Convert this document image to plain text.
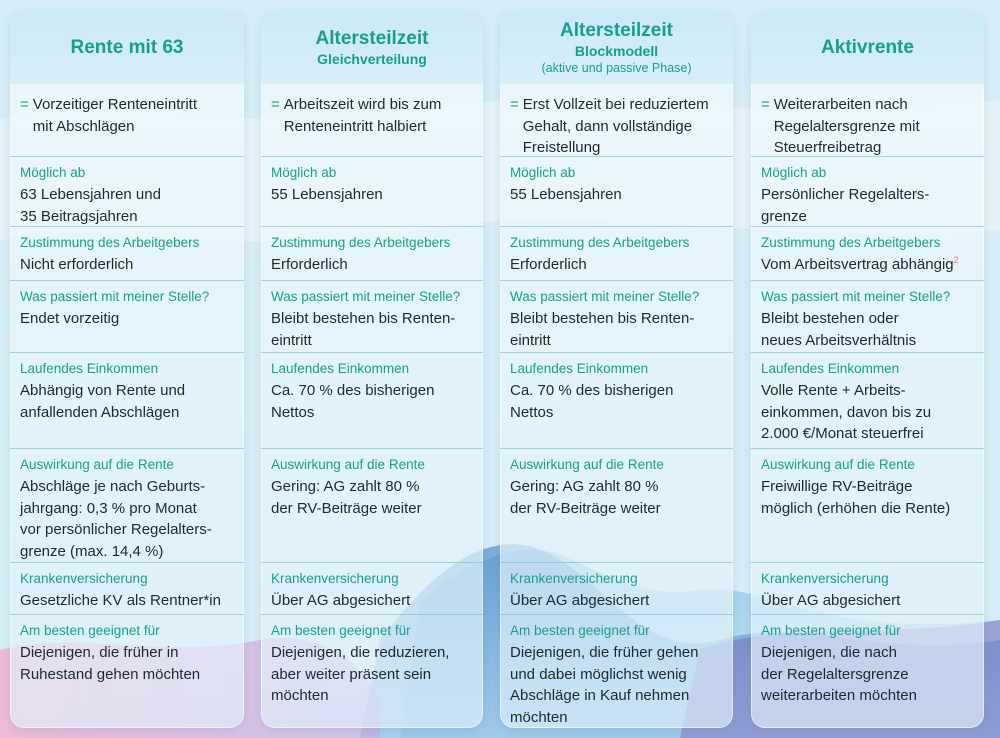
Rente mit 63
= Vorzeitiger Renteneintritt
mit Abschlägen
Möglich ab
63 Lebensjahren und
35 Beitragsjahren
Zustimmung des Arbeitgebers
Nicht erforderlich
Was passiert mit meiner Stelle?
Endet vorzeitig
Laufendes Einkommen
Abhängig von Rente und
anfallenden Abschlägen
Auswirkung auf die Rente
Abschläge je nach Geburts-
jahrgang: 0,3 % pro Monat
vor persönlicher Regelalters-
grenze (max. 14,4 %)
Krankenversicherung
Gesetzliche KV als Rentner*in
Am besten geeignet für
Diejenigen, die früher in
Ruhestand gehen möchten
Altersteilzeit
Gleichverteilung
= Arbeitszeit wird bis zum
Renteneintritt halbiert
Möglich ab
55 Lebensjahren
Zustimmung des Arbeitgebers
Erforderlich
Was passiert mit meiner Stelle?
Bleibt bestehen bis Renten-
eintritt
Laufendes Einkommen
Ca. 70 % des bisherigen
Nettos
Auswirkung auf die Rente
Gering: AG zahlt 80 %
der RV-Beiträge weiter
Krankenversicherung
Über AG abgesichert
Am besten geeignet für
Diejenigen, die reduzieren,
aber weiter präsent sein
möchten
Altersteilzeit
Blockmodell
(aktive und passive Phase)
= Erst Vollzeit bei reduziertem
Gehalt, dann vollständige
Freistellung
Möglich ab
55 Lebensjahren
Zustimmung des Arbeitgebers
Erforderlich
Was passiert mit meiner Stelle?
Bleibt bestehen bis Renten-
eintritt
Laufendes Einkommen
Ca. 70 % des bisherigen
Nettos
Auswirkung auf die Rente
Gering: AG zahlt 80 %
der RV-Beiträge weiter
Krankenversicherung
Über AG abgesichert
Am besten geeignet für
Diejenigen, die früher gehen
und dabei möglichst wenig
Abschläge in Kauf nehmen
möchten
Aktivrente
= Weiterarbeiten nach
Regelaltersgrenze mit
Steuerfreibetrag
Möglich ab
Persönlicher Regelalters-
grenze
Zustimmung des Arbeitgebers
Vom Arbeitsvertrag abhängig$^2$
Was passiert mit meiner Stelle?
Bleibt bestehen oder
neues Arbeitsverhältnis
Laufendes Einkommen
Volle Rente + Arbeits-
einkommen, davon bis zu
2.000 €/Monat steuerfrei
Auswirkung auf die Rente
Freiwillige RV-Beiträge
möglich (erhöhen die Rente)
Krankenversicherung
Über AG abgesichert
Am besten geeignet für
Diejenigen, die nach
der Regelaltersgrenze
weiterarbeiten möchten
